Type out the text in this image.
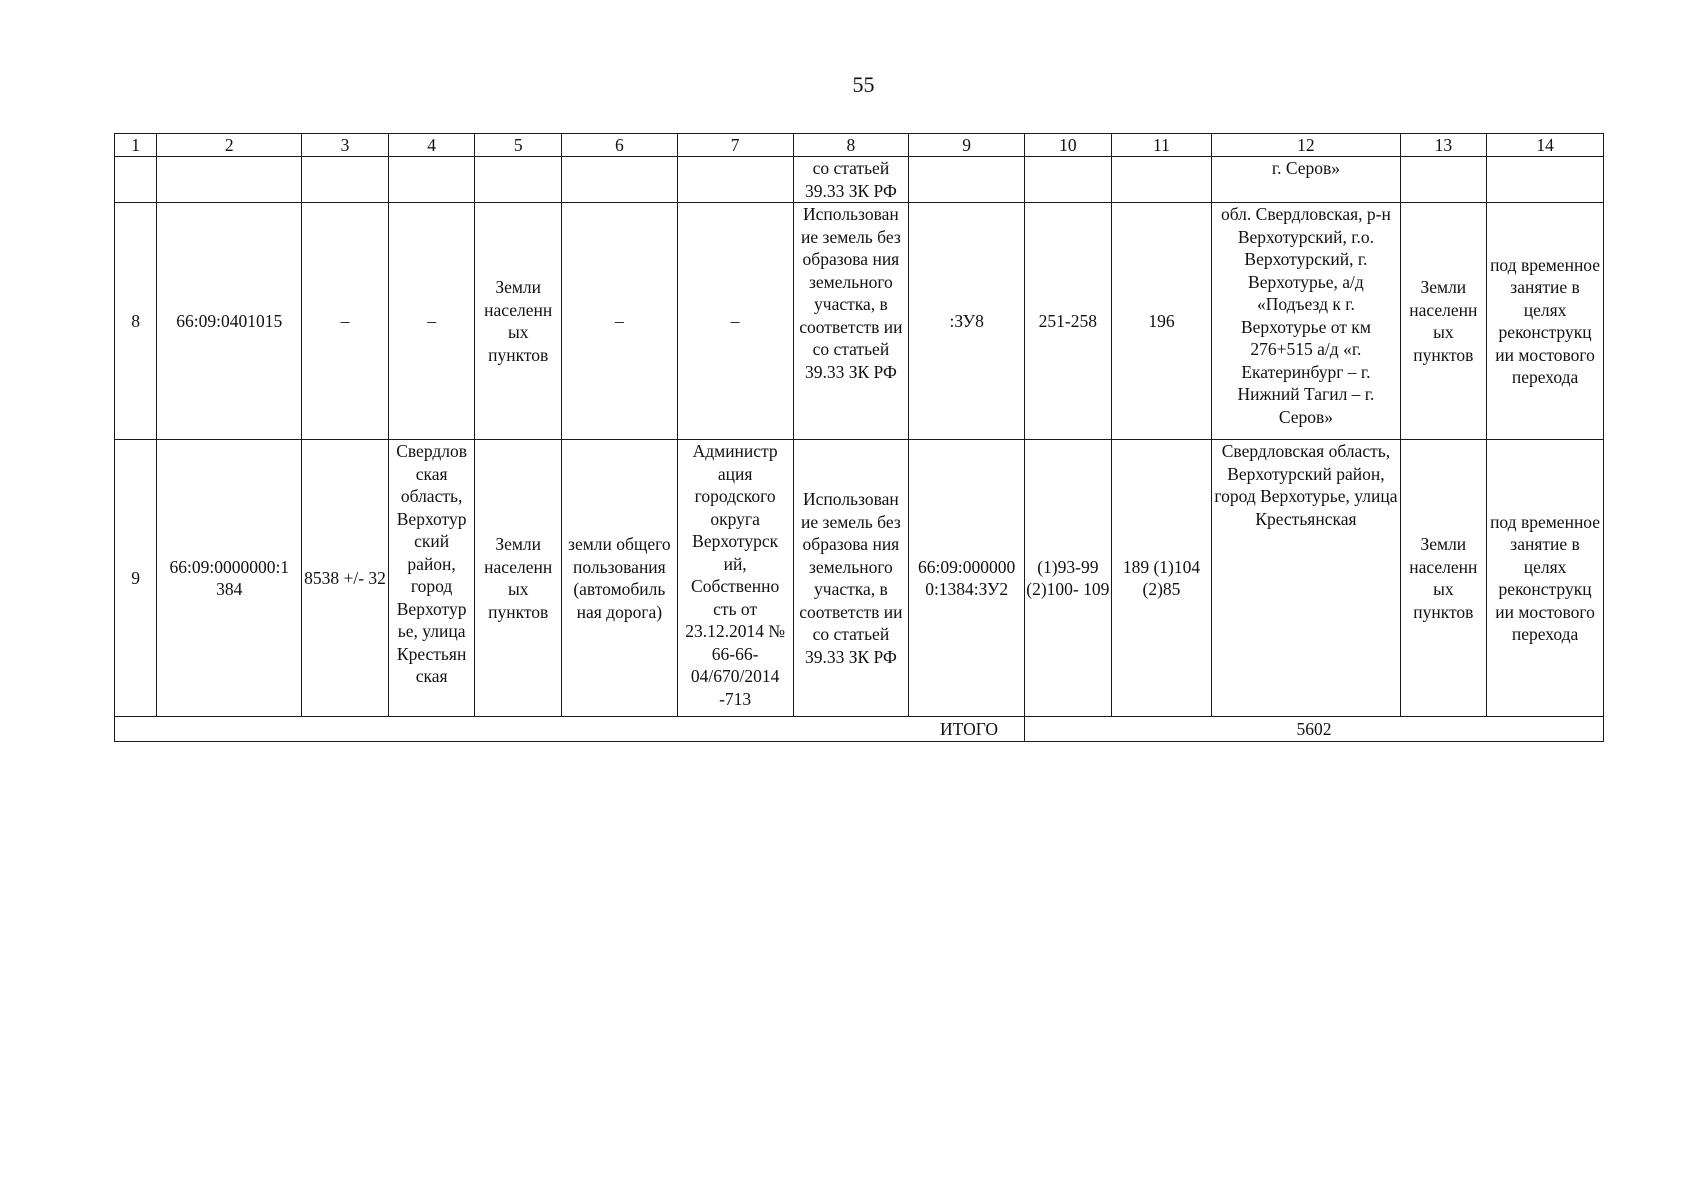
55
1	2	3	4	5	6	7	8	9	10	11	12	13	14
							со статьей 39.33 ЗК РФ				г. Серов»		
8	66:09:0401015	–	–	Земли населенн ых пунктов	–	–	Использован ие земель без образова ния земельного участка, в соответств ии со статьей 39.33 ЗК РФ	:ЗУ8	251-258	196	обл. Свердловская, р-н Верхотурский, г.о. Верхотурский, г. Верхотурье, а/д «Подъезд к г. Верхотурье от км 276+515 а/д «г. Екатеринбург – г. Нижний Тагил – г. Серов»	Земли населенн ых пунктов	под временное занятие в целях реконструкц ии мостового перехода
9	66:09:0000000:1 384	8538 +/- 32	Свердлов ская область, Верхотур ский район, город Верхотур ье, улица Крестьян ская	Земли населенн ых пунктов	земли общего пользования (автомобиль ная дорога)	Администр ация городского округа Верхотурск ий, Собственно сть от 23.12.2014 № 66-66- 04/670/2014 -713	Использован ие земель без образова ния земельного участка, в соответств ии со статьей 39.33 ЗК РФ	66:09:000000 0:1384:ЗУ2	(1)93-99 (2)100- 109	189 (1)104 (2)85	Свердловская область, Верхотурский район, город Верхотурье, улица Крестьянская	Земли населенн ых пунктов	под временное занятие в целях реконструкц ии мостового перехода
								ИТОГО	5602				
